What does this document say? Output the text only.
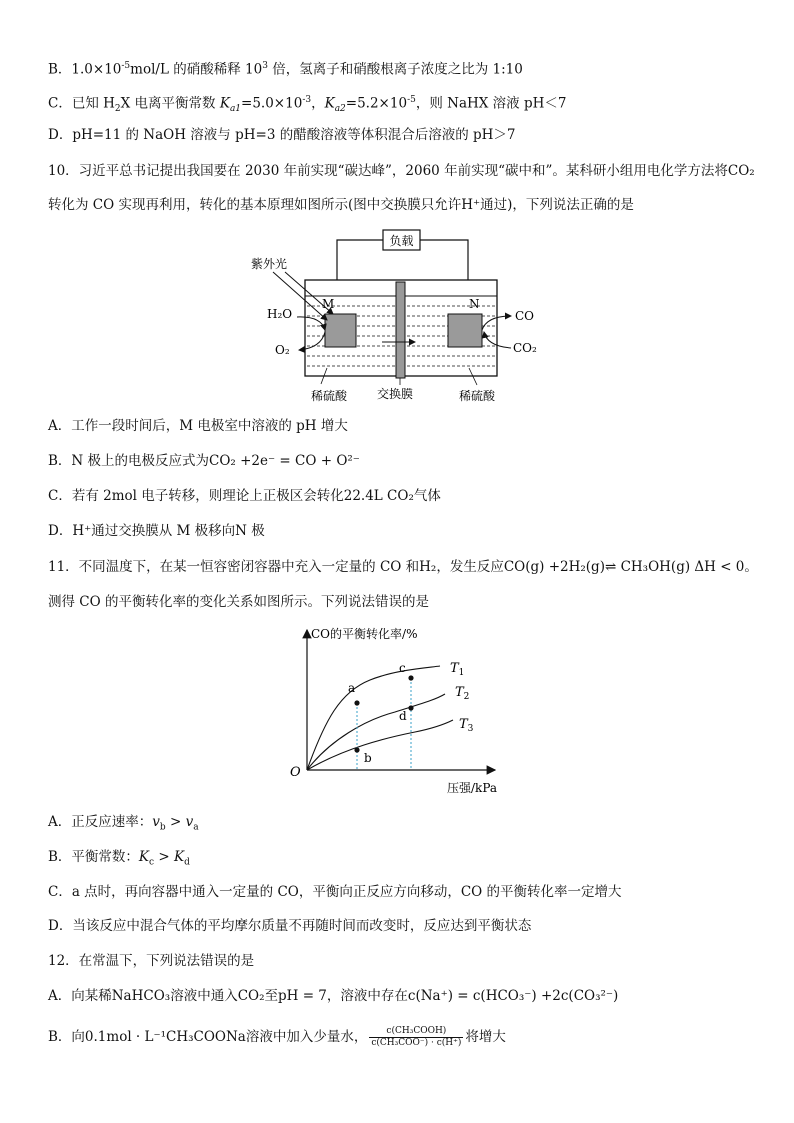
B．$1.0\times 10^{-5}mol/L$ 的硝酸稀释 $10^3$ 倍，氢离子和硝酸根离子浓度之比为 1:10
C．已知 $H_2X$ 电离平衡常数 $K_{a1}=5.0\times 10^{-3}$，$K_{a2}=5.2\times 10^{-5}$，则 NaHX 溶液 pH＜7
D．pH=11 的 NaOH 溶液与 pH=3 的醋酸溶液等体积混合后溶液的 pH＞7
10．习近平总书记提出我国要在 2030 年前实现“碳达峰”，2060 年前实现“碳中和”。某科研小组用电化学方法将CO₂
转化为 CO 实现再利用，转化的基本原理如图所示(图中交换膜只允许H⁺通过)，下列说法正确的是
负载
M	N
紫外光
H₂O
O₂
CO
CO₂
稀硫酸 交换膜	稀硫酸
A．工作一段时间后，M 电极室中溶液的 pH 增大
B．N 极上的电极反应式为CO₂ +2e⁻ = CO + O²⁻
C．若有 2mol 电子转移，则理论上正极区会转化22.4L CO₂气体
D．H⁺通过交换膜从 M 极移向N 极
11．不同温度下，在某一恒容密闭容器中充入一定量的 CO 和H₂，发生反应CO(g) +2H₂(g)⇌ CH₃OH(g) ΔH < 0。
测得 CO 的平衡转化率的变化关系如图所示。下列说法错误的是
CO的平衡转化率/%
压强/kPa
O
a
b
c
d
$T_1$
$T_2$
$T_3$
A．正反应速率：$v_b > v_a$
B．平衡常数：$K_c > K_d$
C．a 点时，再向容器中通入一定量的 CO，平衡向正反应方向移动，CO 的平衡转化率一定增大
D．当该反应中混合气体的平均摩尔质量不再随时间而改变时，反应达到平衡状态
12．在常温下，下列说法错误的是
A．向某稀NaHCO₃溶液中通入CO₂至pH = 7，溶液中存在c(Na⁺) = c(HCO₃⁻) +2c(CO₃²⁻)
B．向0.1mol · L⁻¹CH₃COONa溶液中加入少量水， $\frac{\text{c(CH₃COOH)}}{\text{c(CH₃COO⁻) · c(H⁺)}}$ 将增大
